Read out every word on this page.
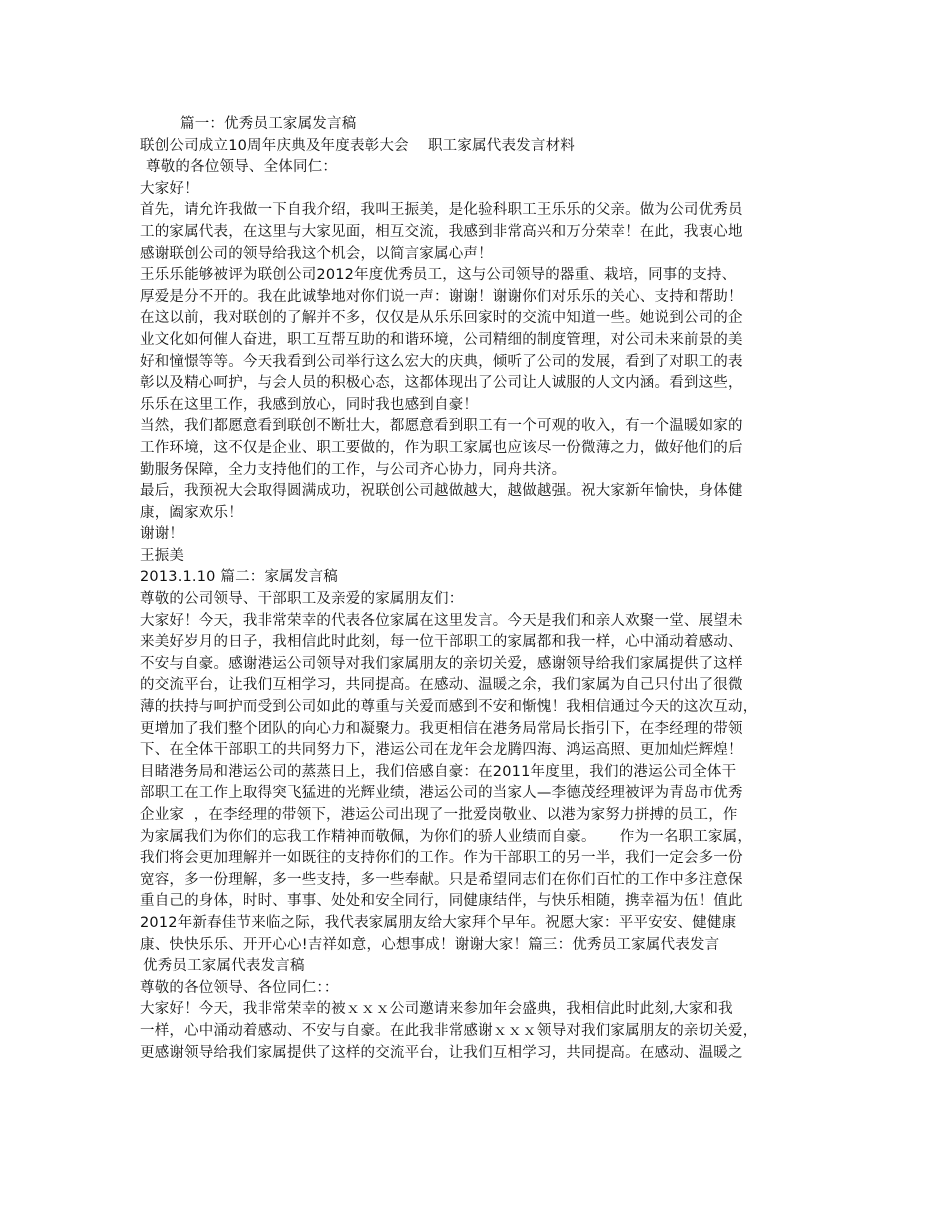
篇一：优秀员工家属发言稿
联创公司成立10周年庆典及年度表彰大会    职工家属代表发言材料
尊敬的各位领导、全体同仁：
大家好！
首先，请允许我做一下自我介绍，我叫王振美，是化验科职工王乐乐的父亲。做为公司优秀员
工的家属代表，在这里与大家见面，相互交流，我感到非常高兴和万分荣幸！在此，我衷心地
感谢联创公司的领导给我这个机会，以简言家属心声！
王乐乐能够被评为联创公司2012年度优秀员工，这与公司领导的器重、栽培，同事的支持、
厚爱是分不开的。我在此诚挚地对你们说一声：谢谢！谢谢你们对乐乐的关心、支持和帮助！
在这以前，我对联创的了解并不多，仅仅是从乐乐回家时的交流中知道一些。她说到公司的企
业文化如何催人奋进，职工互帮互助的和谐环境，公司精细的制度管理，对公司未来前景的美
好和憧憬等等。今天我看到公司举行这么宏大的庆典，倾听了公司的发展，看到了对职工的表
彰以及精心呵护，与会人员的积极心态，这都体现出了公司让人诚服的人文内涵。看到这些，
乐乐在这里工作，我感到放心，同时我也感到自豪！
当然，我们都愿意看到联创不断壮大，都愿意看到职工有一个可观的收入，有一个温暖如家的
工作环境，这不仅是企业、职工要做的，作为职工家属也应该尽一份微薄之力，做好他们的后
勤服务保障，全力支持他们的工作，与公司齐心协力，同舟共济。
最后，我预祝大会取得圆满成功，祝联创公司越做越大，越做越强。祝大家新年愉快，身体健
康，阖家欢乐！
谢谢！
王振美
2013.1.10 篇二：家属发言稿
尊敬的公司领导、干部职工及亲爱的家属朋友们：
大家好！今天，我非常荣幸的代表各位家属在这里发言。今天是我们和亲人欢聚一堂、展望未
来美好岁月的日子，我相信此时此刻，每一位干部职工的家属都和我一样，心中涌动着感动、
不安与自豪。感谢港运公司领导对我们家属朋友的亲切关爱，感谢领导给我们家属提供了这样
的交流平台，让我们互相学习，共同提高。在感动、温暖之余，我们家属为自己只付出了很微
薄的扶持与呵护而受到公司如此的尊重与关爱而感到不安和惭愧！我相信通过今天的这次互动，
更增加了我们整个团队的向心力和凝聚力。我更相信在港务局常局长指引下，在李经理的带领
下、在全体干部职工的共同努力下，港运公司在龙年会龙腾四海、鸿运高照、更加灿烂辉煌！
目睹港务局和港运公司的蒸蒸日上，我们倍感自豪：在2011年度里，我们的港运公司全体干
部职工在工作上取得突飞猛进的光辉业绩，港运公司的当家人—李德茂经理被评为青岛市优秀
企业家  ，在李经理的带领下，港运公司出现了一批爱岗敬业、以港为家努力拼搏的员工，作
为家属我们为你们的忘我工作精神而敬佩，为你们的骄人业绩而自豪。     作为一名职工家属，
我们将会更加理解并一如既往的支持你们的工作。作为干部职工的另一半，我们一定会多一份
宽容，多一份理解，多一些支持，多一些奉献。只是希望同志们在你们百忙的工作中多注意保
重自己的身体，时时、事事、处处和安全同行，同健康结伴，与快乐相随，携幸福为伍！值此
2012年新春佳节来临之际，我代表家属朋友给大家拜个早年。祝愿大家：平平安安、健健康
康、快快乐乐、开开心心!吉祥如意，心想事成！谢谢大家！篇三：优秀员工家属代表发言
优秀员工家属代表发言稿
尊敬的各位领导、各位同仁：：
大家好！今天，我非常荣幸的被ｘｘｘ公司邀请来参加年会盛典，我相信此时此刻,大家和我
一样，心中涌动着感动、不安与自豪。在此我非常感谢ｘｘｘ领导对我们家属朋友的亲切关爱，
更感谢领导给我们家属提供了这样的交流平台，让我们互相学习，共同提高。在感动、温暖之
